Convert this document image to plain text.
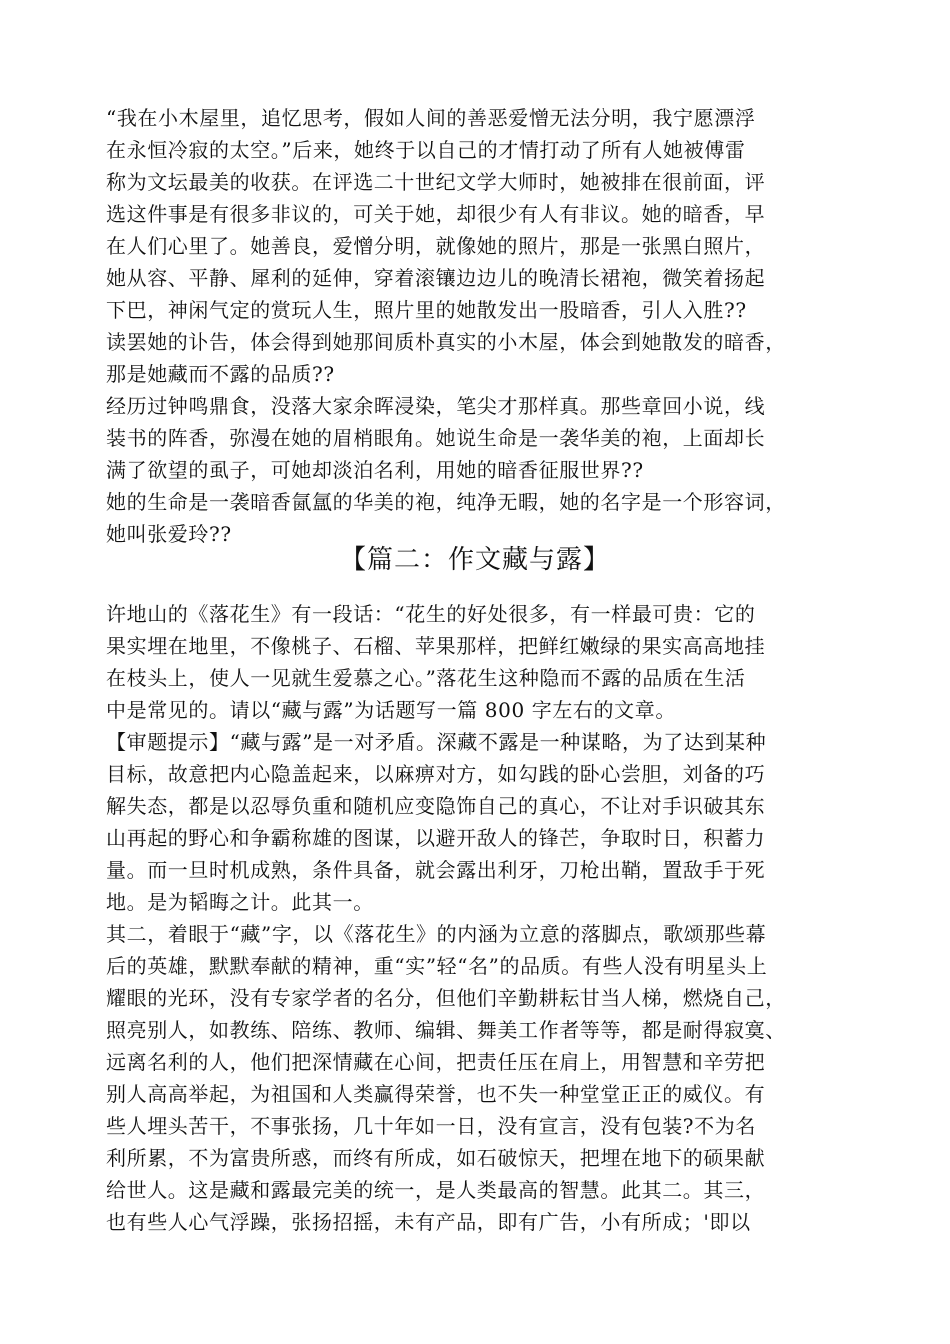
“我在小木屋里，追忆思考，假如人间的善恶爱憎无法分明，我宁愿漂浮
在永恒冷寂的太空。”后来，她终于以自己的才情打动了所有人她被傅雷
称为文坛最美的收获。在评选二十世纪文学大师时，她被排在很前面，评
选这件事是有很多非议的，可关于她，却很少有人有非议。她的暗香，早
在人们心里了。她善良，爱憎分明，就像她的照片，那是一张黑白照片，
她从容、平静、犀利的延伸，穿着滚镶边边儿的晚清长裙袍，微笑着扬起
下巴，神闲气定的赏玩人生，照片里的她散发出一股暗香，引人入胜??
读罢她的讣告，体会得到她那间质朴真实的小木屋，体会到她散发的暗香，
那是她藏而不露的品质??
经历过钟鸣鼎食，没落大家余晖浸染，笔尖才那样真。那些章回小说，线
装书的阵香，弥漫在她的眉梢眼角。她说生命是一袭华美的袍，上面却长
满了欲望的虱子，可她却淡泊名利，用她的暗香征服世界??
她的生命是一袭暗香氤氲的华美的袍，纯净无暇，她的名字是一个形容词，
她叫张爱玲??
【篇二：作文藏与露】
许地山的《落花生》有一段话：“花生的好处很多，有一样最可贵：它的
果实埋在地里，不像桃子、石榴、苹果那样，把鲜红嫩绿的果实高高地挂
在枝头上，使人一见就生爱慕之心。”落花生这种隐而不露的品质在生活
中是常见的。请以“藏与露”为话题写一篇 800 字左右的文章。
【审题提示】“藏与露”是一对矛盾。深藏不露是一种谋略，为了达到某种
目标，故意把内心隐盖起来，以麻痹对方，如勾践的卧心尝胆，刘备的巧
解失态，都是以忍辱负重和随机应变隐饰自己的真心，不让对手识破其东
山再起的野心和争霸称雄的图谋，以避开敌人的锋芒，争取时日，积蓄力
量。而一旦时机成熟，条件具备，就会露出利牙，刀枪出鞘，置敌手于死
地。是为韬晦之计。此其一。
其二，着眼于“藏”字，以《落花生》的内涵为立意的落脚点，歌颂那些幕
后的英雄，默默奉献的精神，重“实”轻“名”的品质。有些人没有明星头上
耀眼的光环，没有专家学者的名分，但他们辛勤耕耘甘当人梯，燃烧自己，
照亮别人，如教练、陪练、教师、编辑、舞美工作者等等，都是耐得寂寞、
远离名利的人，他们把深情藏在心间，把责任压在肩上，用智慧和辛劳把
别人高高举起，为祖国和人类赢得荣誉，也不失一种堂堂正正的威仪。有
些人埋头苦干，不事张扬，几十年如一日，没有宣言，没有包装?不为名
利所累，不为富贵所惑，而终有所成，如石破惊天，把埋在地下的硕果献
给世人。这是藏和露最完美的统一，是人类最高的智慧。此其二。其三，
也有些人心气浮躁，张扬招摇，未有产品，即有广告，小有所成；'即以
